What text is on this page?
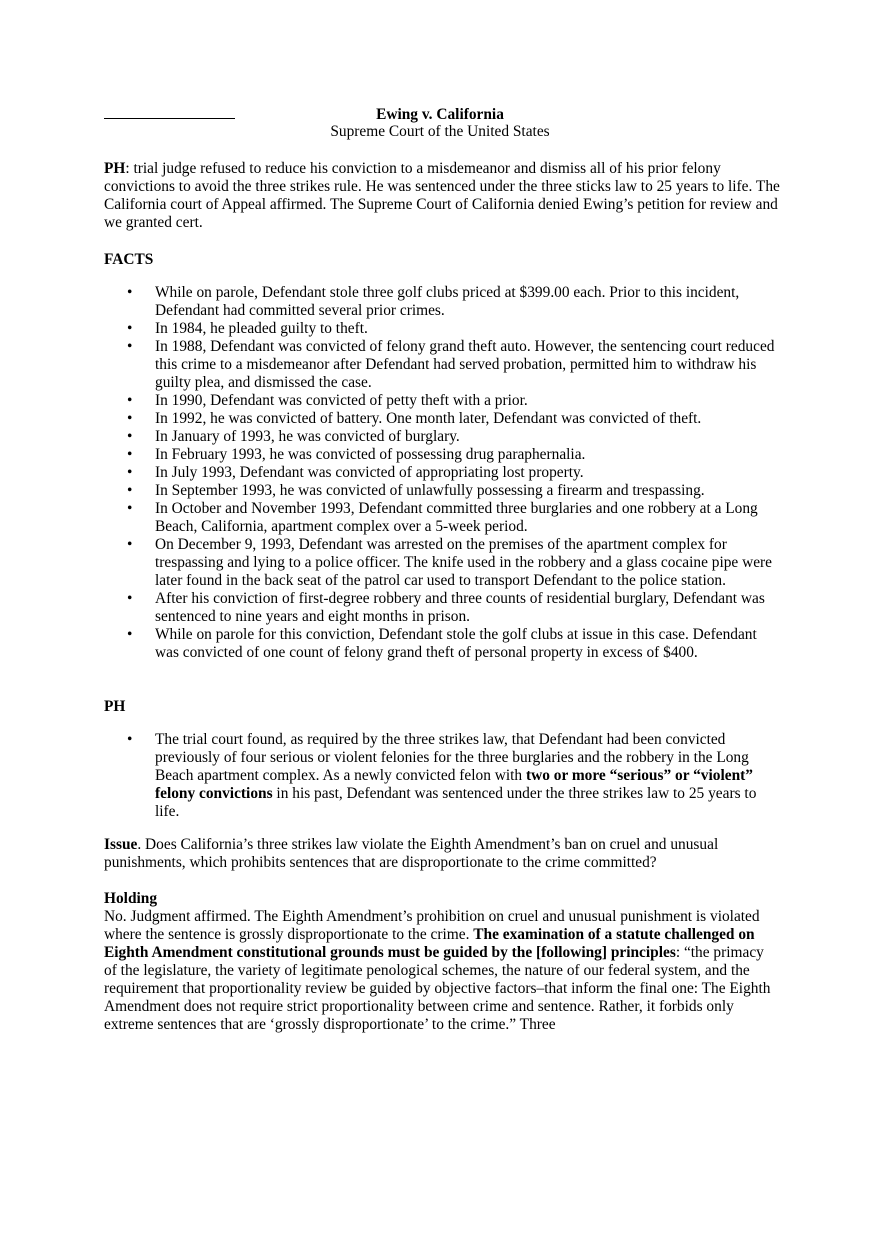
Ewing v. California
Supreme Court of the United States
PH: trial judge refused to reduce his conviction to a misdemeanor and dismiss all of his prior felony convictions to avoid the three strikes rule. He was sentenced under the three sticks law to 25 years to life. The California court of Appeal affirmed. The Supreme Court of California denied Ewing’s petition for review and we granted cert.
FACTS
• While on parole, Defendant stole three golf clubs priced at $399.00 each. Prior to this incident, Defendant had committed several prior crimes.
• In 1984, he pleaded guilty to theft.
• In 1988, Defendant was convicted of felony grand theft auto. However, the sentencing court reduced this crime to a misdemeanor after Defendant had served probation, permitted him to withdraw his guilty plea, and dismissed the case.
• In 1990, Defendant was convicted of petty theft with a prior.
• In 1992, he was convicted of battery. One month later, Defendant was convicted of theft.
• In January of 1993, he was convicted of burglary.
• In February 1993, he was convicted of possessing drug paraphernalia.
• In July 1993, Defendant was convicted of appropriating lost property.
• In September 1993, he was convicted of unlawfully possessing a firearm and trespassing.
• In October and November 1993, Defendant committed three burglaries and one robbery at a Long Beach, California, apartment complex over a 5-week period.
• On December 9, 1993, Defendant was arrested on the premises of the apartment complex for trespassing and lying to a police officer. The knife used in the robbery and a glass cocaine pipe were later found in the back seat of the patrol car used to transport Defendant to the police station.
• After his conviction of first-degree robbery and three counts of residential burglary, Defendant was sentenced to nine years and eight months in prison.
• While on parole for this conviction, Defendant stole the golf clubs at issue in this case. Defendant was convicted of one count of felony grand theft of personal property in excess of $400.
PH
• The trial court found, as required by the three strikes law, that Defendant had been convicted previously of four serious or violent felonies for the three burglaries and the robbery in the Long Beach apartment complex. As a newly convicted felon with two or more “serious” or “violent” felony convictions in his past, Defendant was sentenced under the three strikes law to 25 years to life.
Issue. Does California’s three strikes law violate the Eighth Amendment’s ban on cruel and unusual punishments, which prohibits sentences that are disproportionate to the crime committed?
Holding
No. Judgment affirmed. The Eighth Amendment’s prohibition on cruel and unusual punishment is violated where the sentence is grossly disproportionate to the crime. The examination of a statute challenged on Eighth Amendment constitutional grounds must be guided by the [following] principles: “the primacy of the legislature, the variety of legitimate penological schemes, the nature of our federal system, and the requirement that proportionality review be guided by objective factors–that inform the final one: The Eighth Amendment does not require strict proportionality between crime and sentence. Rather, it forbids only extreme sentences that are ‘grossly disproportionate’ to the crime.” Three
